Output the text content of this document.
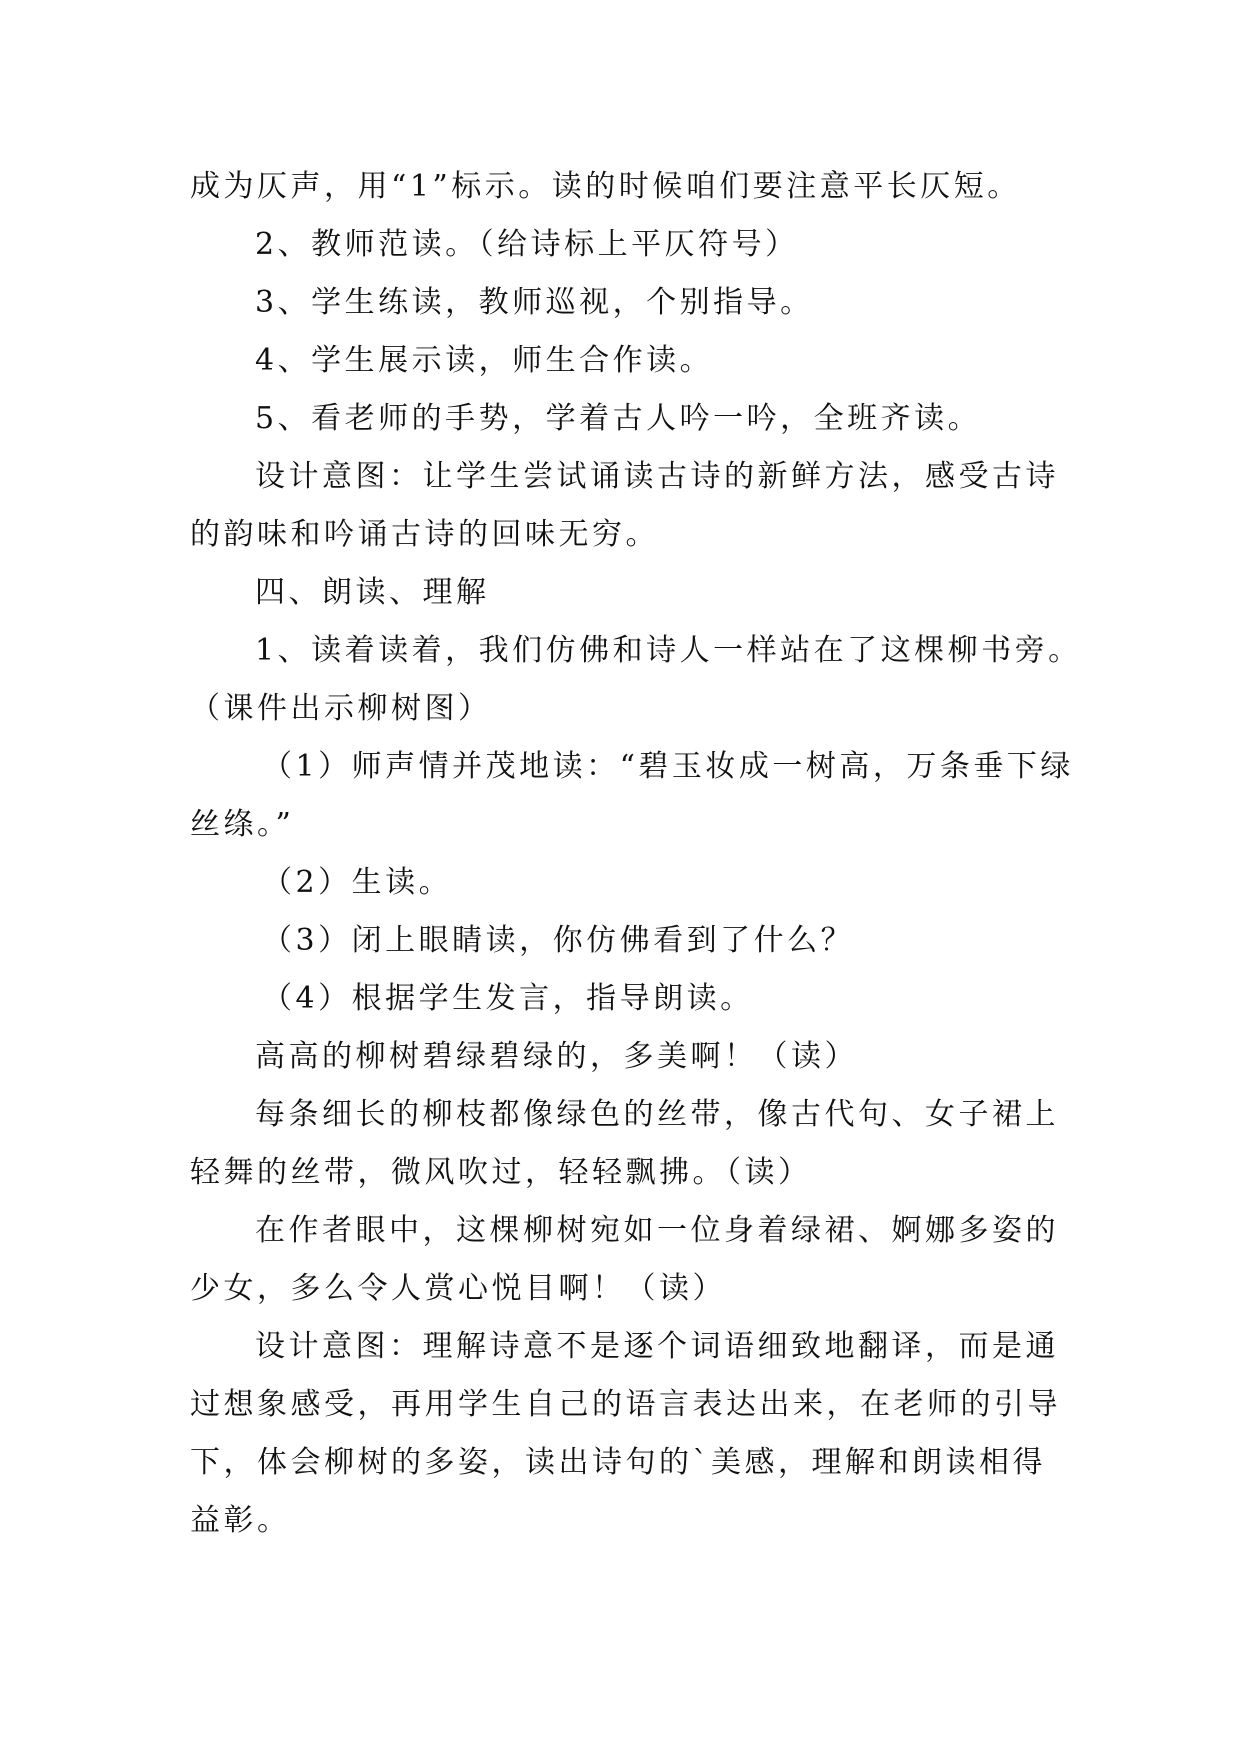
成为仄声，用“1”标示。读的时候咱们要注意平长仄短。
2、教师范读。（给诗标上平仄符号）
3、学生练读，教师巡视，个别指导。
4、学生展示读，师生合作读。
5、看老师的手势，学着古人吟一吟，全班齐读。
设计意图：让学生尝试诵读古诗的新鲜方法，感受古诗
的韵味和吟诵古诗的回味无穷。
四、朗读、理解
1、读着读着，我们仿佛和诗人一样站在了这棵柳书旁。
（课件出示柳树图）
（1）师声情并茂地读：“碧玉妆成一树高，万条垂下绿
丝绦。”
（2）生读。
（3）闭上眼睛读，你仿佛看到了什么？
（4）根据学生发言，指导朗读。
高高的柳树碧绿碧绿的，多美啊！（读）
每条细长的柳枝都像绿色的丝带，像古代句、女子裙上
轻舞的丝带，微风吹过，轻轻飘拂。（读）
在作者眼中，这棵柳树宛如一位身着绿裙、婀娜多姿的
少女，多么令人赏心悦目啊！（读）
设计意图：理解诗意不是逐个词语细致地翻译，而是通
过想象感受，再用学生自己的语言表达出来，在老师的引导
下，体会柳树的多姿，读出诗句的`美感，理解和朗读相得
益彰。
